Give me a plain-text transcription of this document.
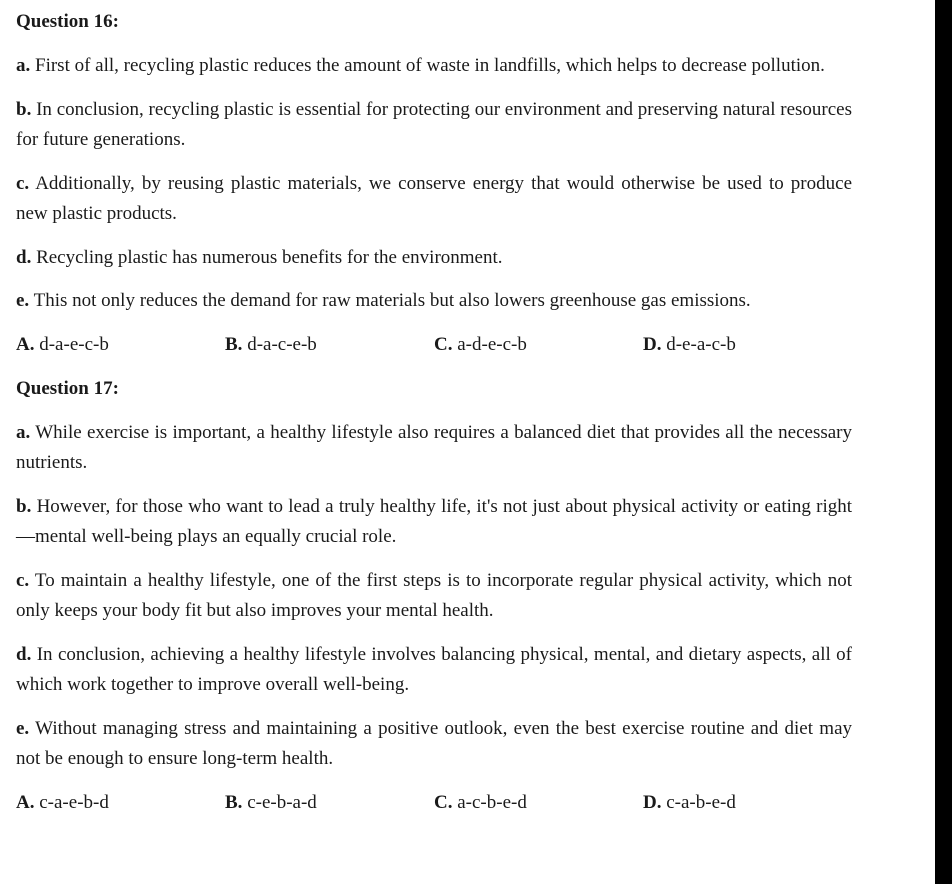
Question 16:

a. First of all, recycling plastic reduces the amount of waste in landfills, which helps to decrease pollution.

b. In conclusion, recycling plastic is essential for protecting our environment and preserving natural resources for future generations.

c. Additionally, by reusing plastic materials, we conserve energy that would otherwise be used to produce new plastic products.

d. Recycling plastic has numerous benefits for the environment.

e. This not only reduces the demand for raw materials but also lowers greenhouse gas emissions.

A. d-a-e-c-b	B. d-a-c-e-b	C. a-d-e-c-b	D. d-e-a-c-b

Question 17:

a. While exercise is important, a healthy lifestyle also requires a balanced diet that provides all the necessary nutrients.

b. However, for those who want to lead a truly healthy life, it's not just about physical activity or eating right—mental well-being plays an equally crucial role.

c. To maintain a healthy lifestyle, one of the first steps is to incorporate regular physical activity, which not only keeps your body fit but also improves your mental health.

d. In conclusion, achieving a healthy lifestyle involves balancing physical, mental, and dietary aspects, all of which work together to improve overall well-being.

e. Without managing stress and maintaining a positive outlook, even the best exercise routine and diet may not be enough to ensure long-term health.

A. c-a-e-b-d	B. c-e-b-a-d	C. a-c-b-e-d	D. c-a-b-e-d
